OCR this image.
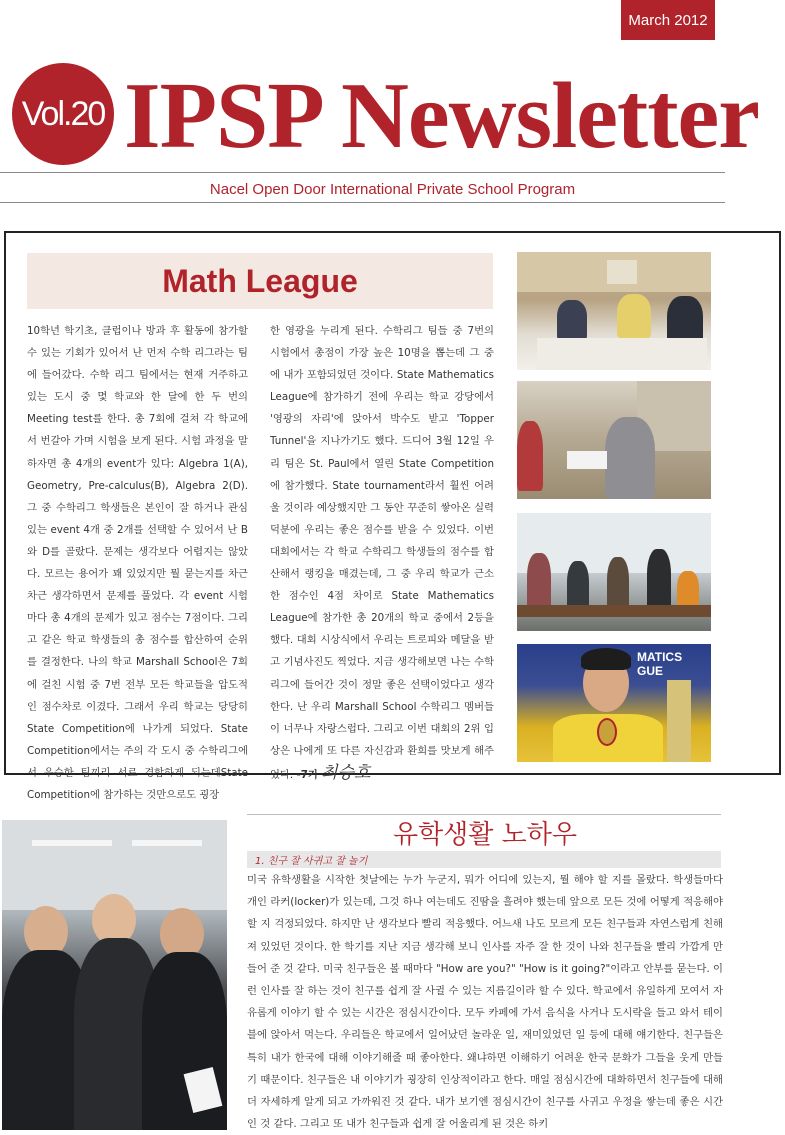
March 2012
Vol.20 IPSP Newsletter
Nacel Open Door International Private School Program
Math League
10학년 학기초, 클럽이나 방과 후 활동에 참가할 수 있는 기회가 있어서 난 먼저 수학 리그라는 팀에 들어갔다. 수학 리그 팀에서는 현재 거주하고 있는 도시 중 몇 학교와 한 달에 한 두 번의 Meeting test를 한다. 총 7회에 걸쳐 각 학교에서 번갈아 가며 시험을 보게 된다. 시험 과정을 말하자면 총 4개의 event가 있다: Algebra 1(A), Geometry, Pre-calculus(B), Algebra 2(D). 그 중 수학리그 학생들은 본인이 잘 하거나 관심 있는 event 4개 중 2개를 선택할 수 있어서 난 B와 D를 골랐다. 문제는 생각보다 어렵지는 않았다. 모르는 용어가 꽤 있었지만 뭘 묻는지를 차근차근 생각하면서 문제를 풀었다. 각 event 시험 마다 총 4개의 문제가 있고 점수는 7점이다. 그리고 같은 학교 학생들의 총 점수를 합산하여 순위를 결정한다. 나의 학교 Marshall School은 7회에 걸친 시험 중 7번 전부 모든 학교들을 압도적인 점수차로 이겼다. 그래서 우리 학교는 당당히 State Competition에 나가게 되었다. State Competition에서는 주의 각 도시 중 수학리그에서 우승한 팀끼리 서로 경합하게 되는데State Competition에 참가하는 것만으로도 굉장
한 영광을 누리게 된다. 수학리그 팀들 중 7번의 시험에서 총점이 가장 높은 10명을 뽑는데 그 중에 내가 포함되었던 것이다. State Mathematics League에 참가하기 전에 우리는 학교 강당에서 '영광의 자리'에 앉아서 박수도 받고 'Topper Tunnel'을 지나가기도 했다. 드디어 3월 12일 우리 팀은 St. Paul에서 열린 State Competition에 참가했다. State tournament라서 훨씬 어려울 것이라 예상했지만 그 동안 꾸준히 쌓아온 실력 덕분에 우리는 좋은 점수를 받을 수 있었다. 이번 대회에서는 각 학교 수학리그 학생들의 점수를 합산해서 랭킹을 매겼는데, 그 중 우리 학교가 근소한 점수인 4점 차이로 State Mathematics League에 참가한 총 20개의 학교 중에서 2등을 했다. 대회 시상식에서 우리는 트로피와 메달을 받고 기념사진도 찍었다. 지금 생각해보면 나는 수학리그에 들어간 것이 정말 좋은 선택이었다고 생각한다. 난 우리 Marshall School 수학리그 멤버들이 너무나 자랑스럽다. 그리고 이번 대회의 2위 입상은 나에게 또 다른 자신감과 환희를 맛보게 해주었다. -7기 최승호
MATICS
GUE
유학생활 노하우
1. 친구 잘 사귀고 잘 놀기
미국 유학생활을 시작한 첫날에는 누가 누군지, 뭐가 어디에 있는지, 뭘 해야 할 지를 몰랐다. 학생들마다 개인 라커(locker)가 있는데, 그것 하나 여는데도 진땀을 흘려야 했는데 앞으로 모든 것에 어떻게 적응해야 할 지 걱정되었다. 하지만 난 생각보다 빨리 적응했다. 어느새 나도 모르게 모든 친구들과 자연스럽게 친해져 있었던 것이다. 한 학기를 지난 지금 생각해 보니 인사를 자주 잘 한 것이 나와 친구들을 빨리 가깝게 만들어 준 것 같다. 미국 친구들은 볼 때마다 "How are you?" "How is it going?"이라고 안부를 묻는다. 이런 인사를 잘 하는 것이 친구를 쉽게 잘 사귈 수 있는 지름길이라 할 수 있다. 학교에서 유일하게 모여서 자유롭게 이야기 할 수 있는 시간은 점심시간이다. 모두 카페에 가서 음식을 사거나 도시락을 들고 와서 테이블에 앉아서 먹는다. 우리들은 학교에서 일어났던 놀라운 일, 재미있었던 일 등에 대해 얘기한다. 친구들은 특히 내가 한국에 대해 이야기해줄 때 좋아한다. 왜냐하면 이해하기 어려운 한국 문화가 그들을 웃게 만들기 때문이다. 친구들은 내 이야기가 굉장히 인상적이라고 한다. 매일 점심시간에 대화하면서 친구들에 대해 더 자세하게 알게 되고 가까워진 것 같다. 내가 보기엔 점심시간이 친구를 사귀고 우정을 쌓는데 좋은 시간인 것 같다. 그리고 또 내가 친구들과 쉽게 잘 어울리게 된 것은 하키
